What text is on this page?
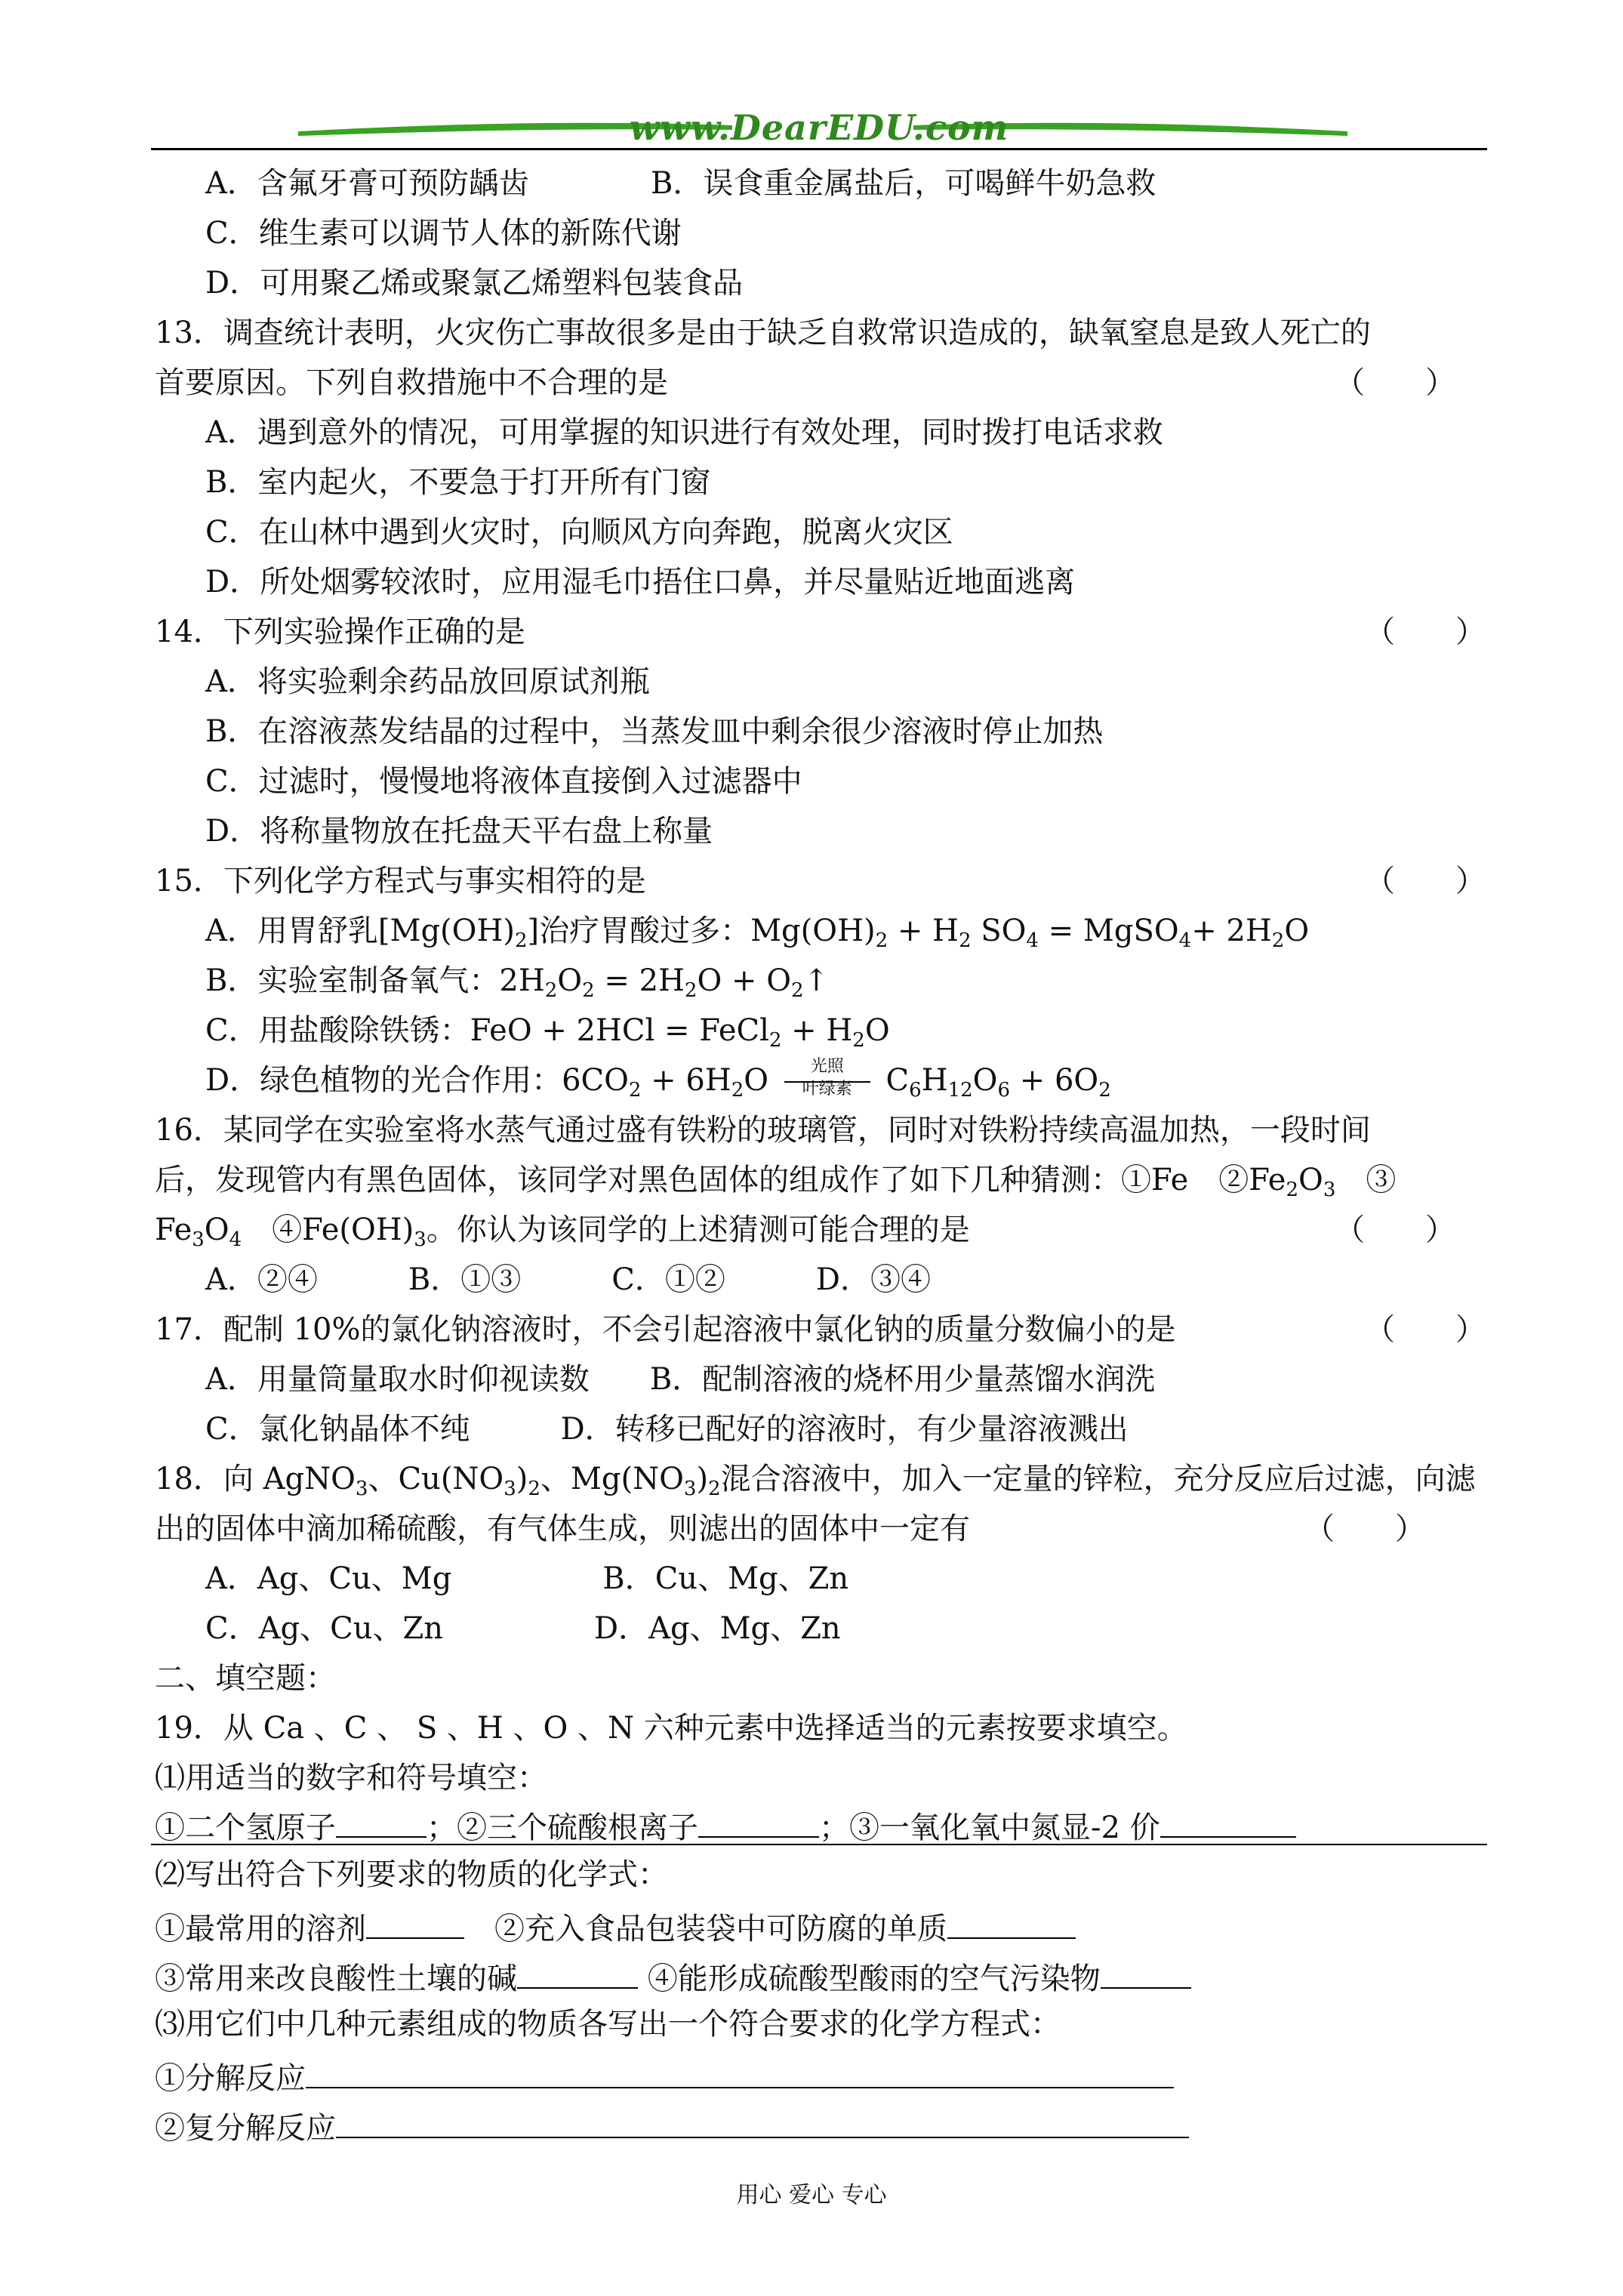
www.DearEDU.com
A．含氟牙膏可预防龋齿	B．误食重金属盐后，可喝鲜牛奶急救
C．维生素可以调节人体的新陈代谢
D．可用聚乙烯或聚氯乙烯塑料包装食品
13．调查统计表明，火灾伤亡事故很多是由于缺乏自救常识造成的，缺氧窒息是致人死亡的
首要原因。下列自救措施中不合理的是	（　　）
A．遇到意外的情况，可用掌握的知识进行有效处理，同时拨打电话求救
B．室内起火，不要急于打开所有门窗
C．在山林中遇到火灾时，向顺风方向奔跑，脱离火灾区
D．所处烟雾较浓时，应用湿毛巾捂住口鼻，并尽量贴近地面逃离
14．下列实验操作正确的是	（　　）
A．将实验剩余药品放回原试剂瓶
B．在溶液蒸发结晶的过程中，当蒸发皿中剩余很少溶液时停止加热
C．过滤时，慢慢地将液体直接倒入过滤器中
D．将称量物放在托盘天平右盘上称量
15．下列化学方程式与事实相符的是	（　　）
A．用胃舒乳$[Mg(OH)_2]$治疗胃酸过多：$Mg(OH)_2 + H_2$ $SO_4$ = MgSO$_4$+ $2H_2O$
B．实验室制备氧气：$2H_2O_2 = 2H_2O$ + $O_2↑$
C．用盐酸除铁锈：FeO + 2HCl = FeCl$_2$ + $H_2O$
D．绿色植物的光合作用：$6CO_2 + 6H_2O$	光照
叶绿素 $C_6H_{12}O_6 + 6O_2$
16．某同学在实验室将水蒸气通过盛有铁粉的玻璃管，同时对铁粉持续高温加热，一段时间
后，发现管内有黑色固体，该同学对黑色固体的组成作了如下几种猜测：①Fe　$②Fe_2O_3$　③
$Fe_3O_4$　$④Fe(OH)_3$。你认为该同学的上述猜测可能合理的是	（　　）
A．②④　　　B．①③　　　C．①②　　　D．③④
17．配制 10%的氯化钠溶液时，不会引起溶液中氯化钠的质量分数偏小的是	（　　）
A．用量筒量取水时仰视读数　　B．配制溶液的烧杯用少量蒸馏水润洗
C．氯化钠晶体不纯　　　D．转移已配好的溶液时，有少量溶液溅出
18．向 AgNO$_3$、$Cu(NO_3)_2$、$Mg(NO_3)_2$混合溶液中，加入一定量的锌粒，充分反应后过滤，向滤
出的固体中滴加稀硫酸，有气体生成，则滤出的固体中一定有	（　　）
A．Ag、Cu、Mg　　　　　B．Cu、Mg、Zn
C．Ag、Cu、Zn　　　　　D．Ag、Mg、Zn
二、填空题：
19．从 Ca 、C 、 S 、H 、O 、N 六种元素中选择适当的元素按要求填空。
⑴用适当的数字和符号填空：
①二个氢原子	；②三个硫酸根离子	；③一氧化氧中氮显-2 价
⑵写出符合下列要求的物质的化学式：
①最常用的溶剂	　②充入食品包装袋中可防腐的单质
③常用来改良酸性土壤的碱	④能形成硫酸型酸雨的空气污染物
⑶用它们中几种元素组成的物质各写出一个符合要求的化学方程式：
①分解反应
②复分解反应
用心 爱心 专心
